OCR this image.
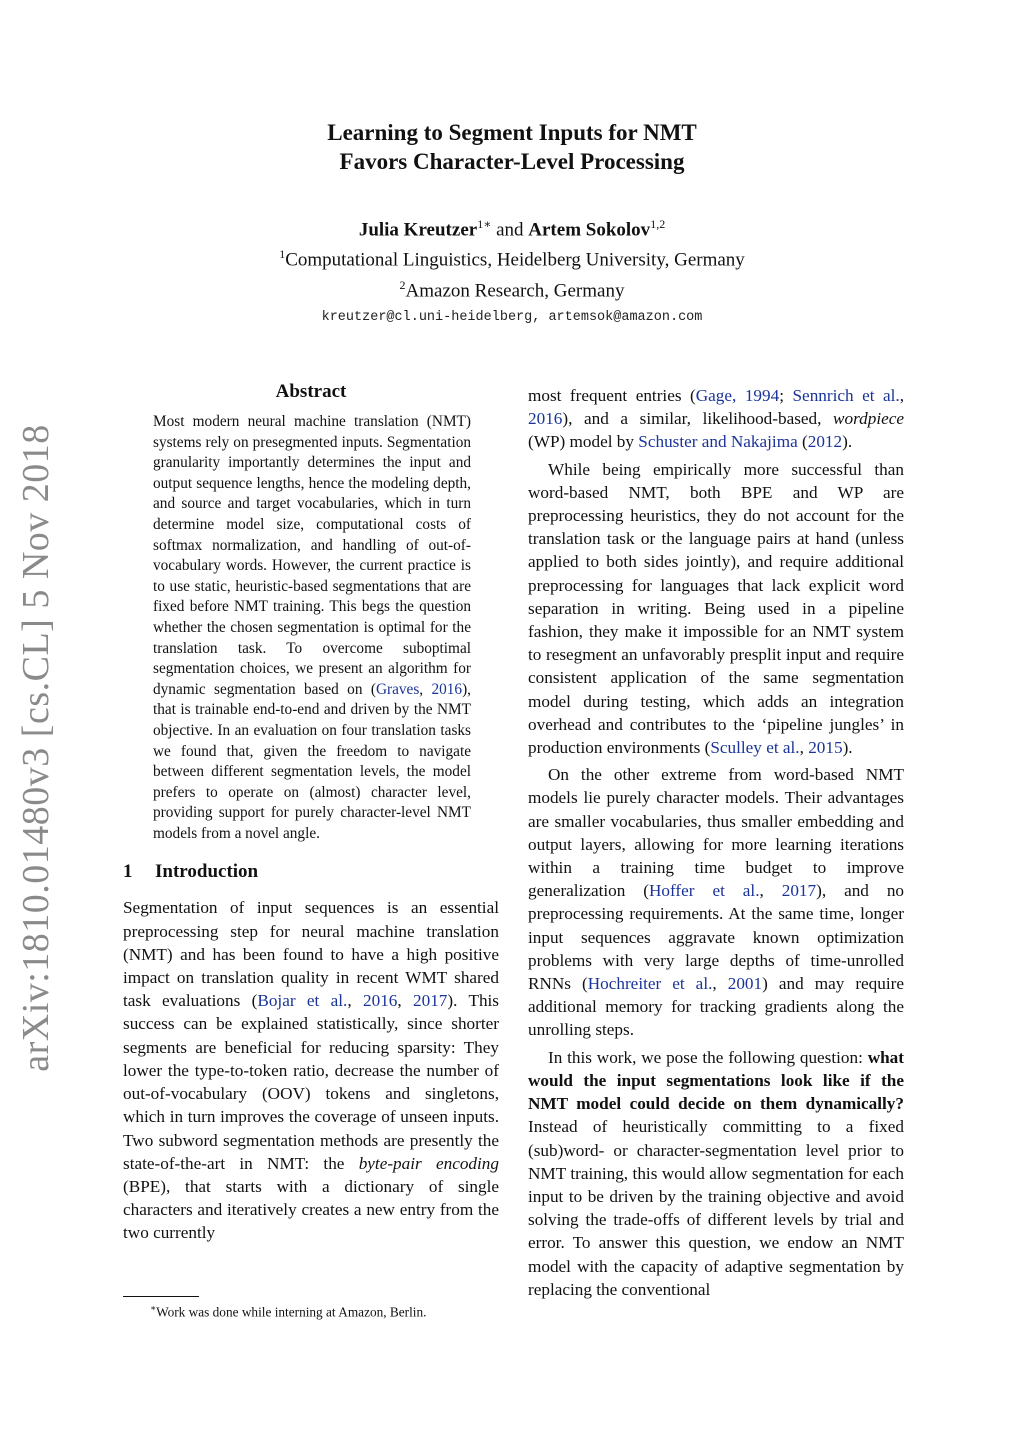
arXiv:1810.01480v3 [cs.CL] 5 Nov 2018
Learning to Segment Inputs for NMT
Favors Character-Level Processing
Julia Kreutzer$^{1∗}$ and Artem Sokolov$^{1,2}$
$^1$Computational Linguistics, Heidelberg University, Germany
$^2$Amazon Research, Germany
kreutzer@cl.uni-heidelberg, artemsok@amazon.com
Abstract
Most modern neural machine translation (NMT) systems rely on presegmented inputs. Segmentation granularity importantly determines the input and output sequence lengths, hence the modeling depth, and source and target vocabularies, which in turn determine model size, computational costs of softmax normalization, and handling of out-of-vocabulary words. However, the current practice is to use static, heuristic-based segmentations that are fixed before NMT training. This begs the question whether the chosen segmentation is optimal for the translation task. To overcome suboptimal segmentation choices, we present an algorithm for dynamic segmentation based on (Graves, 2016), that is trainable end-to-end and driven by the NMT objective. In an evaluation on four translation tasks we found that, given the freedom to navigate between different segmentation levels, the model prefers to operate on (almost) character level, providing support for purely character-level NMT models from a novel angle.
1 Introduction

Segmentation of input sequences is an essential preprocessing step for neural machine translation (NMT) and has been found to have a high positive impact on translation quality in recent WMT shared task evaluations (Bojar et al., 2016, 2017). This success can be explained statistically, since shorter segments are beneficial for reducing sparsity: They lower the type-to-token ratio, decrease the number of out-of-vocabulary (OOV) tokens and singletons, which in turn improves the coverage of unseen inputs. Two subword segmentation methods are presently the state-of-the-art in NMT: the byte-pair encoding (BPE), that starts with a dictionary of single characters and iteratively creates a new entry from the two currently

most frequent entries (Gage, 1994; Sennrich et al., 2016), and a similar, likelihood-based, wordpiece (WP) model by Schuster and Nakajima (2012).

While being empirically more successful than word-based NMT, both BPE and WP are preprocessing heuristics, they do not account for the translation task or the language pairs at hand (unless applied to both sides jointly), and require additional preprocessing for languages that lack explicit word separation in writing. Being used in a pipeline fashion, they make it impossible for an NMT system to resegment an unfavorably presplit input and require consistent application of the same segmentation model during testing, which adds an integration overhead and contributes to the ‘pipeline jungles’ in production environments (Sculley et al., 2015).

On the other extreme from word-based NMT models lie purely character models. Their advantages are smaller vocabularies, thus smaller embedding and output layers, allowing for more learning iterations within a training time budget to improve generalization (Hoffer et al., 2017), and no preprocessing requirements. At the same time, longer input sequences aggravate known optimization problems with very large depths of time-unrolled RNNs (Hochreiter et al., 2001) and may require additional memory for tracking gradients along the unrolling steps.

In this work, we pose the following question: what would the input segmentations look like if the NMT model could decide on them dynamically? Instead of heuristically committing to a fixed (sub)word- or character-segmentation level prior to NMT training, this would allow segmentation for each input to be driven by the training objective and avoid solving the trade-offs of different levels by trial and error. To answer this question, we endow an NMT model with the capacity of adaptive segmentation by replacing the conventional

∗Work was done while interning at Amazon, Berlin.
